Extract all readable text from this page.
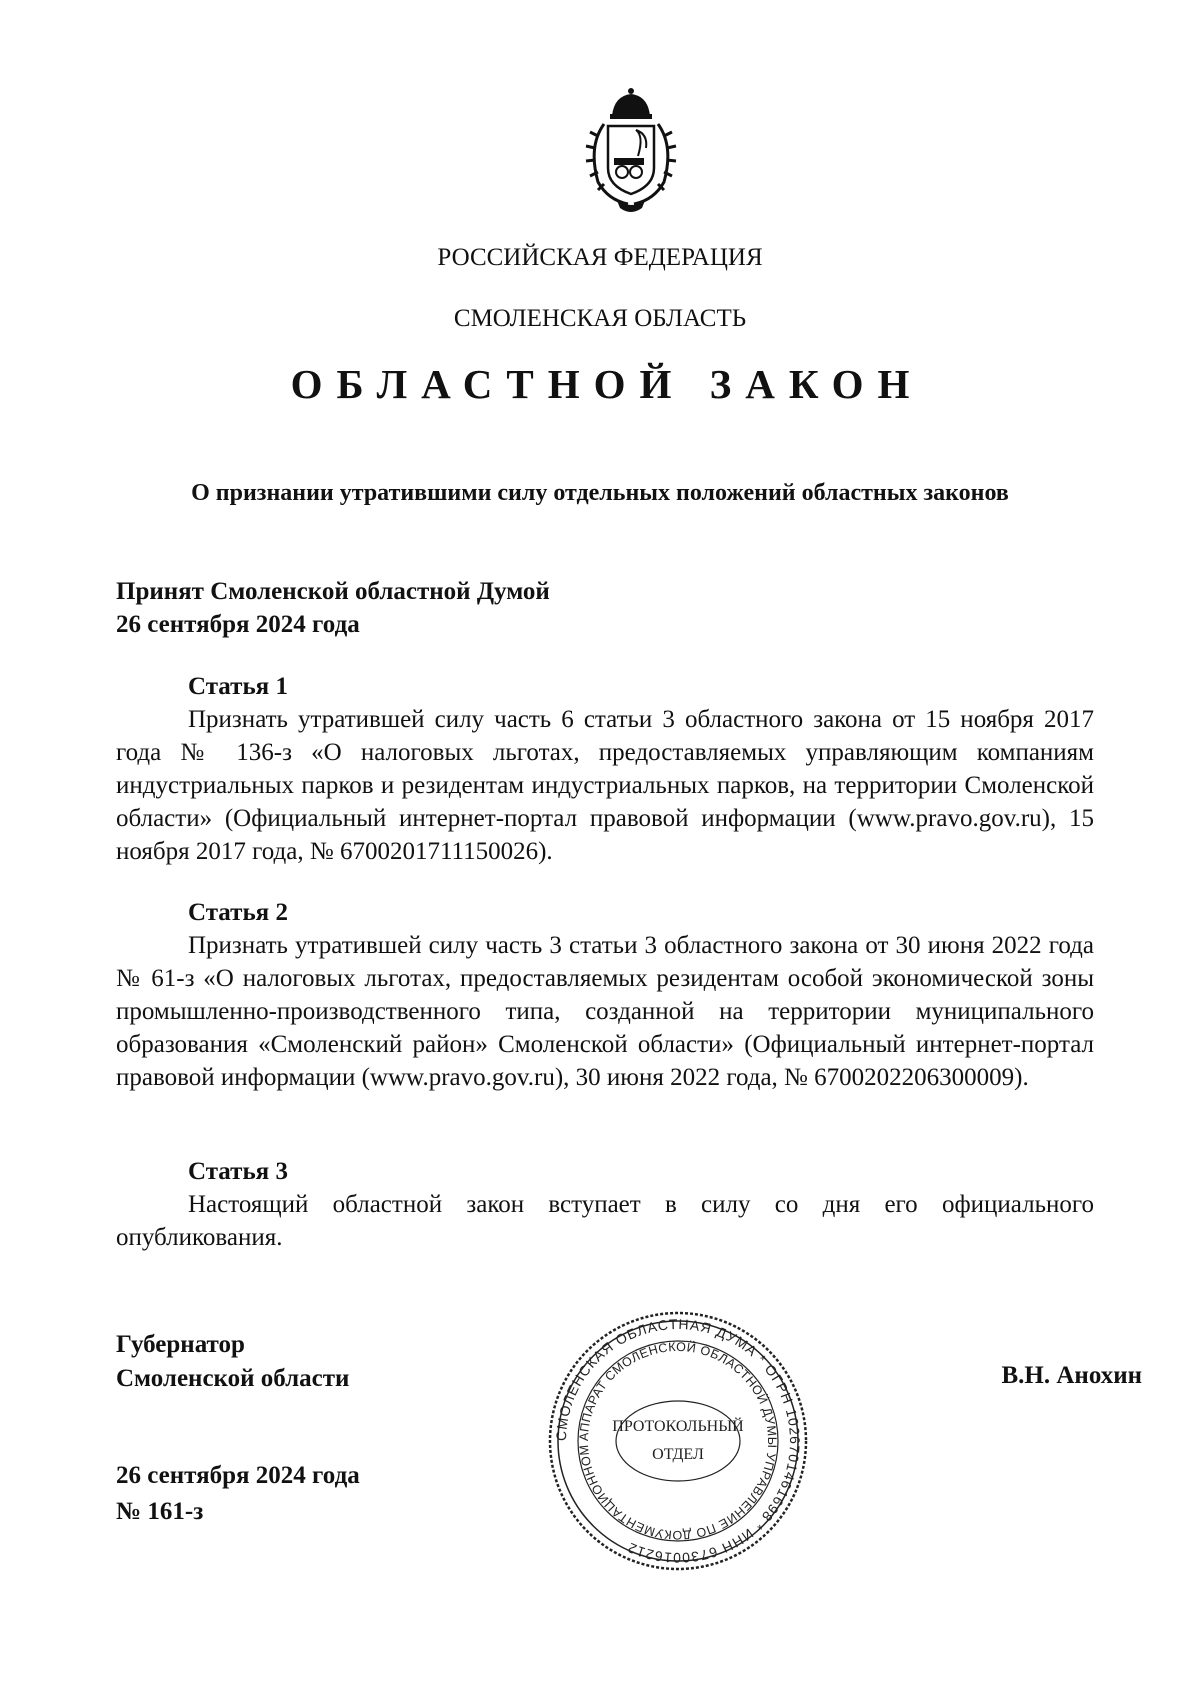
РОССИЙСКАЯ ФЕДЕРАЦИЯ
СМОЛЕНСКАЯ ОБЛАСТЬ
ОБЛАСТНОЙ ЗАКОН
О признании утратившими силу отдельных положений областных законов
Принят Смоленской областной Думой
26 сентября 2024 года
Статья 1
Признать утратившей силу часть 6 статьи 3 областного закона от 15 ноября 2017 года № 136-з «О налоговых льготах, предоставляемых управляющим компаниям индустриальных парков и резидентам индустриальных парков, на территории Смоленской области» (Официальный интернет-портал правовой информации (www.pravo.gov.ru), 15 ноября 2017 года, № 6700201711150026).
Статья 2
Признать утратившей силу часть 3 статьи 3 областного закона от 30 июня 2022 года № 61-з «О налоговых льготах, предоставляемых резидентам особой экономической зоны промышленно-производственного типа, созданной на территории муниципального образования «Смоленский район» Смоленской области» (Официальный интернет-портал правовой информации (www.pravo.gov.ru), 30 июня 2022 года, № 6700202206300009).
Статья 3
Настоящий областной закон вступает в силу со дня его официального опубликования.
Губернатор
Смоленской области	В.Н. Анохин
26 сентября 2024 года
№ 161-з
СМОЛЕНСКАЯ ОБЛАСТНАЯ ДУМА * ОГРН 1026701461698 * ИНН 6730016212
АППАРАТ СМОЛЕНСКОЙ ОБЛАСТНОЙ ДУМЫ УПРАВЛЕНИЕ ПО ДОКУМЕНТАЦИОННОМ
ПРОТОКОЛЬНЫЙ
ОТДЕЛ
